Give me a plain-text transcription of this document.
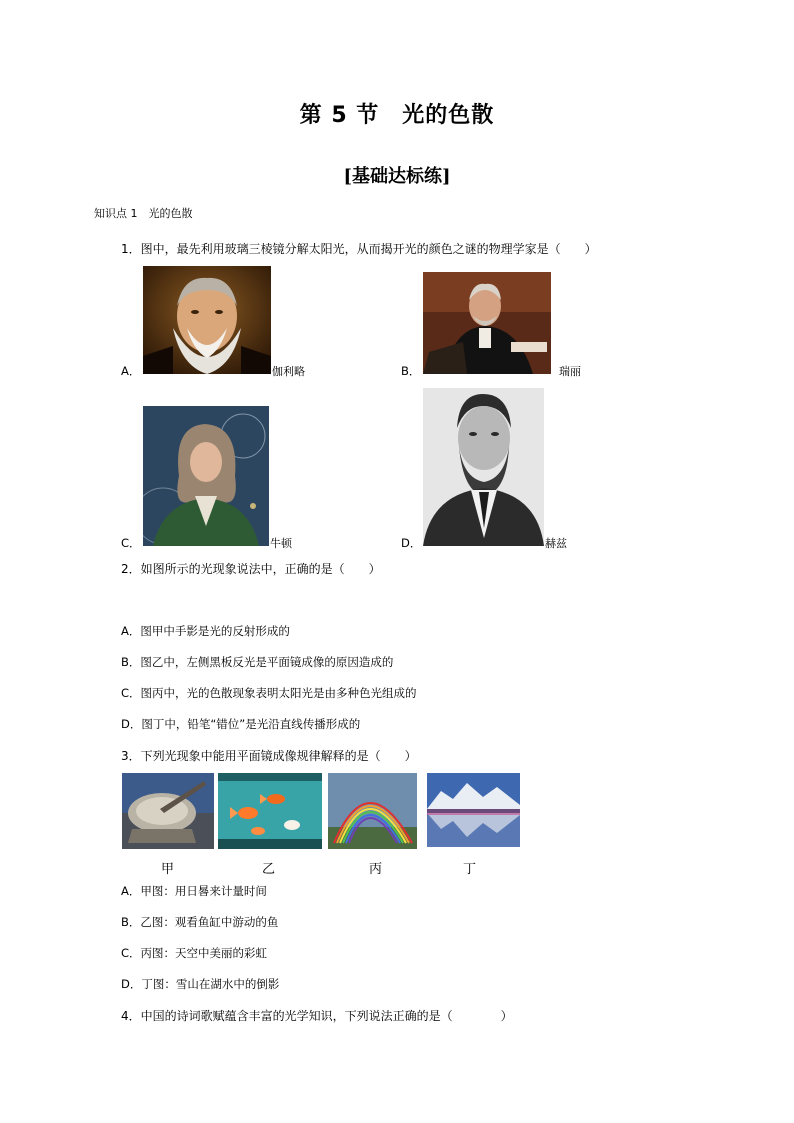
第 5 节　光的色散
[基础达标练]
知识点 1　光的色散
1．图中，最先利用玻璃三棱镜分解太阳光，从而揭开光的颜色之谜的物理学家是（　　）
A．	伽利略	B．	瑞丽
C．	牛顿	D．	赫兹
2．如图所示的光现象说法中，正确的是（　　）
A．图甲中手影是光的反射形成的
B．图乙中，左侧黑板反光是平面镜成像的原因造成的
C．图丙中，光的色散现象表明太阳光是由多种色光组成的
D．图丁中，铅笔“错位”是光沿直线传播形成的
3．下列光现象中能用平面镜成像规律解释的是（　　）
甲	乙	丙	丁
A．甲图：用日晷来计量时间
B．乙图：观看鱼缸中游动的鱼
C．丙图：天空中美丽的彩虹
D．丁图：雪山在湖水中的倒影
4．中国的诗词歌赋蕴含丰富的光学知识，下列说法正确的是（　　　　）
